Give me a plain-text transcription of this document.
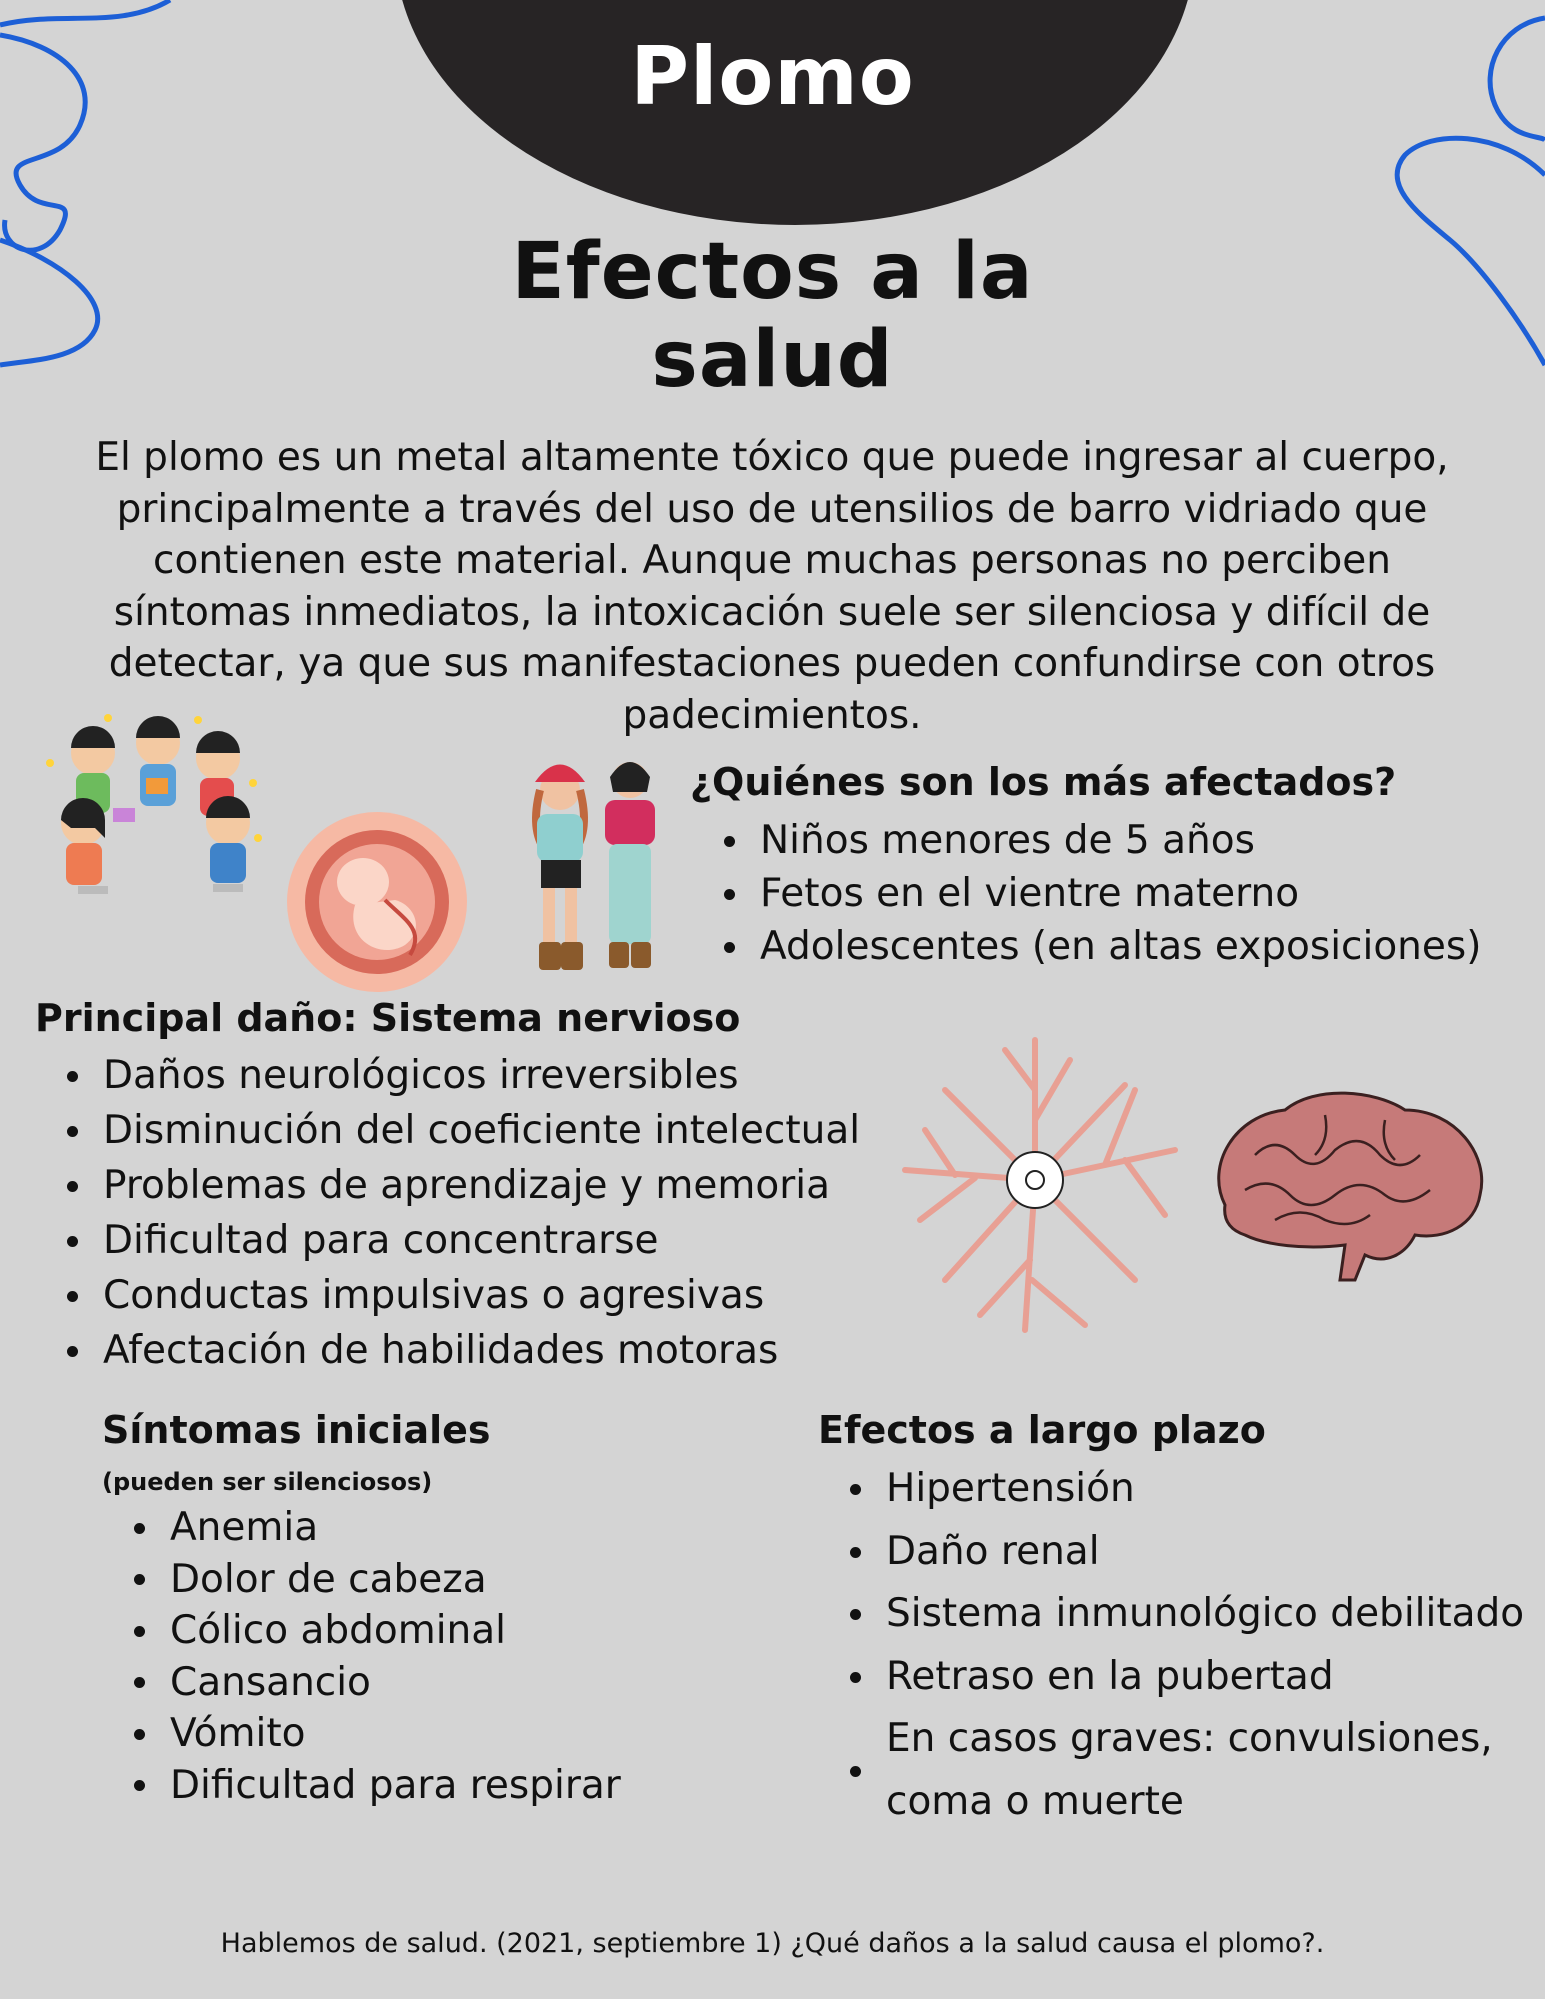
Plomo
Efectos a la
salud

El plomo es un metal altamente tóxico que puede ingresar al cuerpo, principalmente a través del uso de utensilios de barro vidriado que contienen este material. Aunque muchas personas no perciben síntomas inmediatos, la intoxicación suele ser silenciosa y difícil de detectar, ya que sus manifestaciones pueden confundirse con otros padecimientos.

¿Quiénes son los más afectados?
Niños menores de 5 años
Fetos en el vientre materno
Adolescentes (en altas exposiciones)
Principal daño: Sistema nervioso
Daños neurológicos irreversibles
Disminución del coeficiente intelectual
Problemas de aprendizaje y memoria
Dificultad para concentrarse
Conductas impulsivas o agresivas
Afectación de habilidades motoras
Síntomas iniciales
(pueden ser silenciosos)
Anemia
Dolor de cabeza
Cólico abdominal
Cansancio
Vómito
Dificultad para respirar
Efectos a largo plazo
Hipertensión
Daño renal
Sistema inmunológico debilitado
Retraso en la pubertad
En casos graves: convulsiones, coma o muerte
Hablemos de salud. (2021, septiembre 1) ¿Qué daños a la salud causa el plomo?.
